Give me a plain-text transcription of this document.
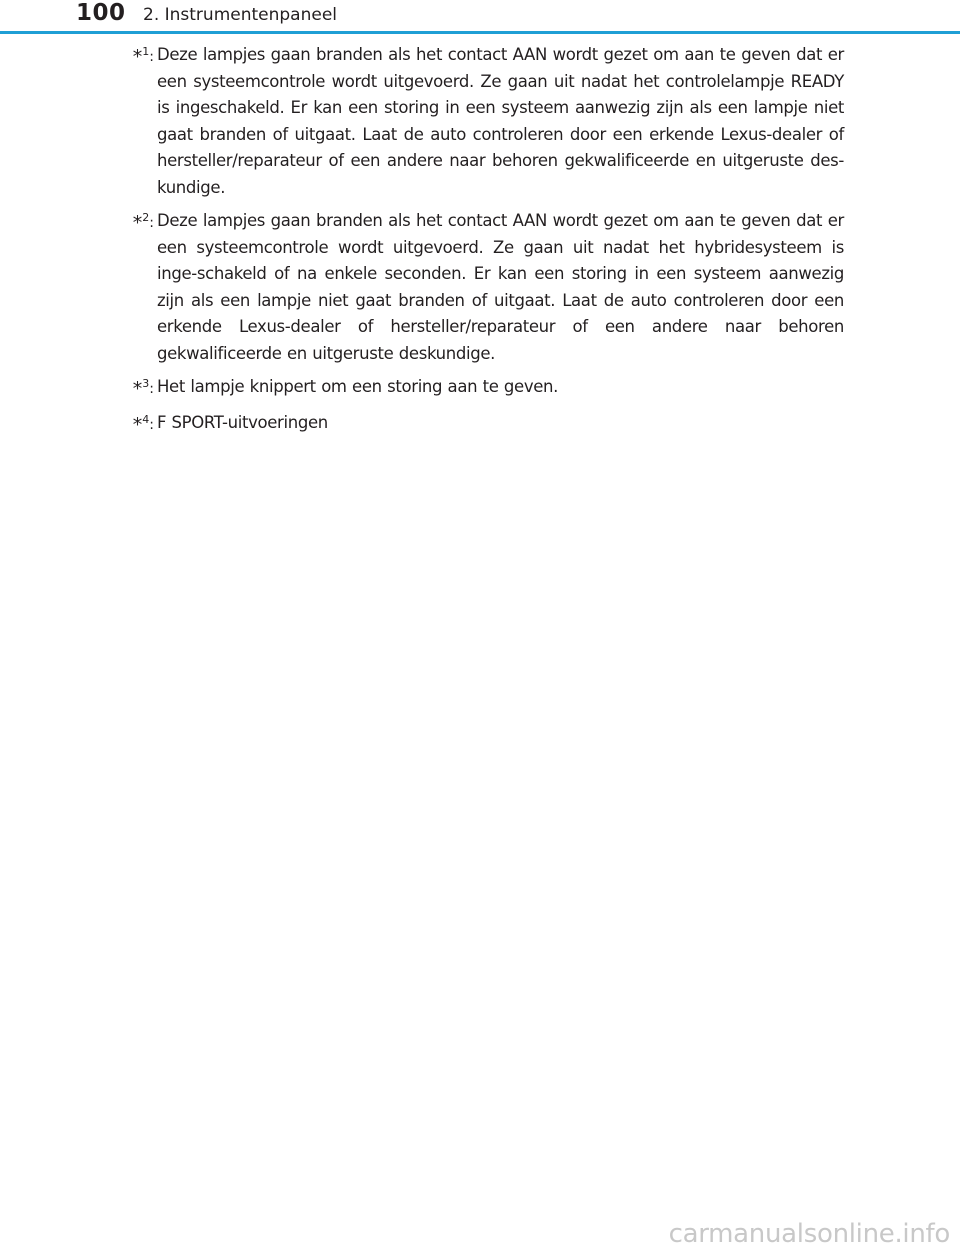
100 2. Instrumentenpaneel
*$^1$: Deze lampjes gaan branden als het contact AAN wordt gezet om aan te geven dat er een systeemcontrole wordt uitgevoerd. Ze gaan uit nadat het controlelampje READY is ingeschakeld. Er kan een storing in een systeem aanwezig zijn als een lampje niet gaat branden of uitgaat. Laat de auto controleren door een erkende Lexus-dealer of hersteller/reparateur of een andere naar behoren gekwalificeerde en uitgeruste des-kundige.
*$^2$: Deze lampjes gaan branden als het contact AAN wordt gezet om aan te geven dat er een systeemcontrole wordt uitgevoerd. Ze gaan uit nadat het hybridesysteem is inge-schakeld of na enkele seconden. Er kan een storing in een systeem aanwezig zijn als een lampje niet gaat branden of uitgaat. Laat de auto controleren door een erkende Lexus-dealer of hersteller/reparateur of een andere naar behoren gekwalificeerde en uitgeruste deskundige.
*$^3$: Het lampje knippert om een storing aan te geven.
*$^4$: F SPORT-uitvoeringen
carmanualsonline.info
